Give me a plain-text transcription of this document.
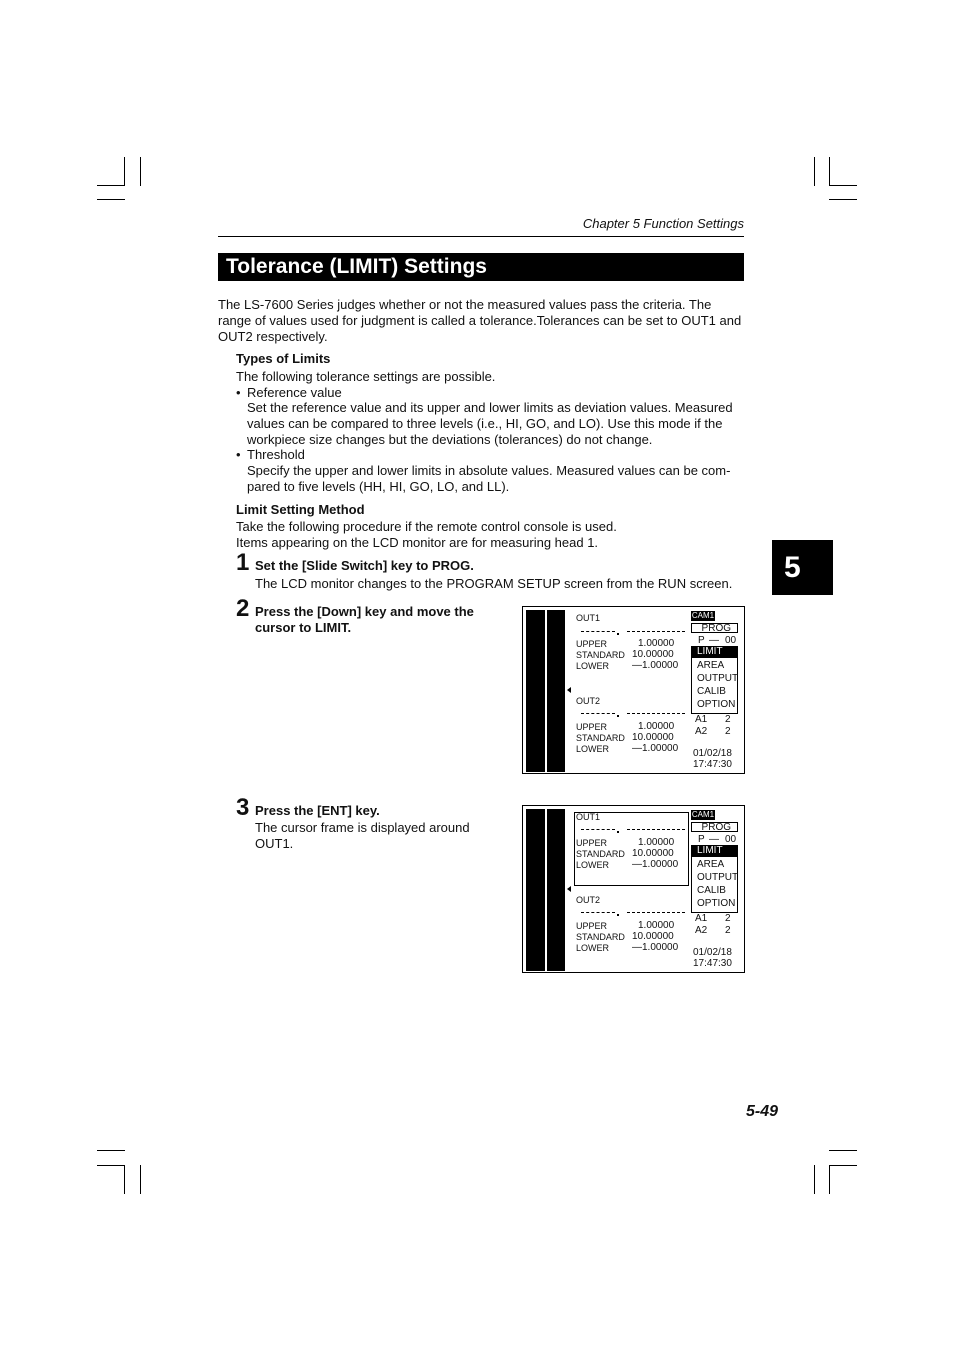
Chapter 5 Function Settings
Tolerance (LIMIT) Settings
The LS-7600 Series judges whether or not the measured values pass the criteria. The
range of values used for judgment is called a tolerance.Tolerances can be set to OUT1 and
OUT2 respectively.
Types of Limits
The following tolerance settings are possible.
• Reference value
Set the reference value and its upper and lower limits as deviation values. Measured
values can be compared to three levels (i.e., HI, GO, and LO). Use this mode if the
workpiece size changes but the deviations (tolerances) do not change.
• Threshold
Specify the upper and lower limits in absolute values. Measured values can be com-
pared to five levels (HH, HI, GO, LO, and LL).
Limit Setting Method
Take the following procedure if the remote control console is used.
Items appearing on the LCD monitor are for measuring head 1.
1 Set the [Slide Switch] key to PROG.
The LCD monitor changes to the PROGRAM SETUP screen from the RUN screen.
2 Press the [Down] key and move the
cursor to LIMIT.
3 Press the [ENT] key.
The cursor frame is displayed around
OUT1.
OUT1
UPPER	1.00000
STANDARD 10.00000
LOWER —1.00000
OUT2
UPPER	1.00000
STANDARD 10.00000
LOWER —1.00000
CAM1
PROG
P — 00
LIMIT
AREA
OUTPUT
CALIB
OPTION
A1 2
A2 2
01/02/18
17:47:30
OUT1
UPPER	1.00000
STANDARD 10.00000
LOWER —1.00000
OUT2
UPPER	1.00000
STANDARD 10.00000
LOWER —1.00000
CAM1
PROG
P — 00
LIMIT
AREA
OUTPUT
CALIB
OPTION
A1 2
A2 2
01/02/18
17:47:30
5
5-49
